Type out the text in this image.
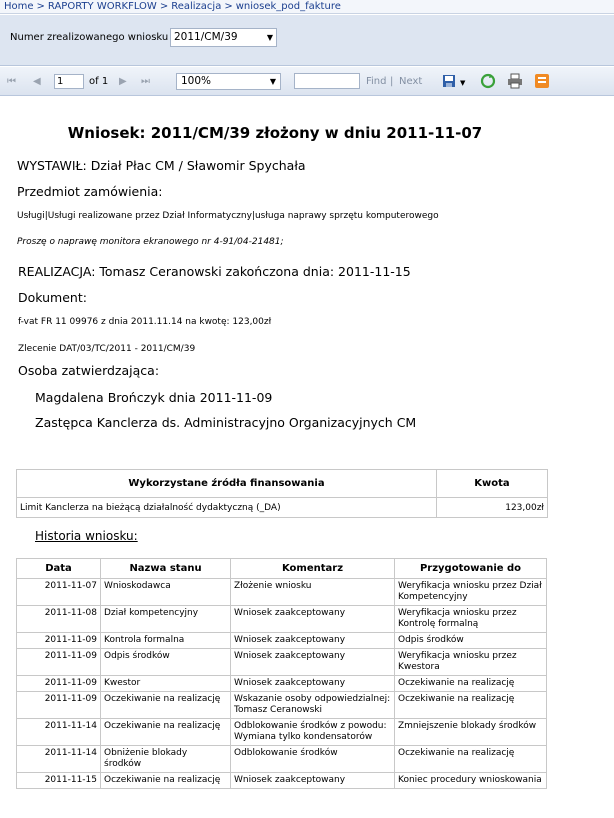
Home > RAPORTY WORKFLOW > Realizacja > wniosek_pod_fakture
Numer zrealizowanego wniosku 2011/CM/39	▼
⏮ ◀	1	of 1 ▶ ⏭	100%	▼	Find | Next	▼
Wniosek: 2011/CM/39 złożony w dniu 2011-11-07
WYSTAWIŁ: Dział Płac CM / Sławomir Spychała
Przedmiot zamówienia:
Usługi|Usługi realizowane przez Dział Informatyczny|usługa naprawy sprzętu komputerowego
Proszę o naprawę monitora ekranowego nr 4-91/04-21481;
REALIZACJA: Tomasz Ceranowski zakończona dnia: 2011-11-15
Dokument:
f-vat FR 11 09976 z dnia 2011.11.14 na kwotę: 123,00zł
Zlecenie DAT/03/TC/2011 - 2011/CM/39
Osoba zatwierdzająca:
Magdalena Brończyk dnia 2011-11-09
Zastępca Kanclerza ds. Administracyjno Organizacyjnych CM
Wykorzystane źródła finansowania	Kwota
Limit Kanclerza na bieżącą działalność dydaktyczną (_DA)	123,00zł
Historia wniosku:
Data	Nazwa stanu	Komentarz	Przygotowanie do
2011-11-07	Wnioskodawca	Złożenie wniosku	Weryfikacja wniosku przez Dział Kompetencyjny
2011-11-08	Dział kompetencyjny	Wniosek zaakceptowany	Weryfikacja wniosku przez Kontrolę formalną
2011-11-09	Kontrola formalna	Wniosek zaakceptowany	Odpis środków
2011-11-09	Odpis środków	Wniosek zaakceptowany	Weryfikacja wniosku przez Kwestora
2011-11-09	Kwestor	Wniosek zaakceptowany	Oczekiwanie na realizację
2011-11-09	Oczekiwanie na realizację	Wskazanie osoby odpowiedzialnej: Tomasz Ceranowski	Oczekiwanie na realizację
2011-11-14	Oczekiwanie na realizację	Odblokowanie środków z powodu: Wymiana tylko kondensatorów	Zmniejszenie blokady środków
2011-11-14	Obniżenie blokady środków	Odblokowanie środków	Oczekiwanie na realizację
2011-11-15	Oczekiwanie na realizację	Wniosek zaakceptowany	Koniec procedury wnioskowania
